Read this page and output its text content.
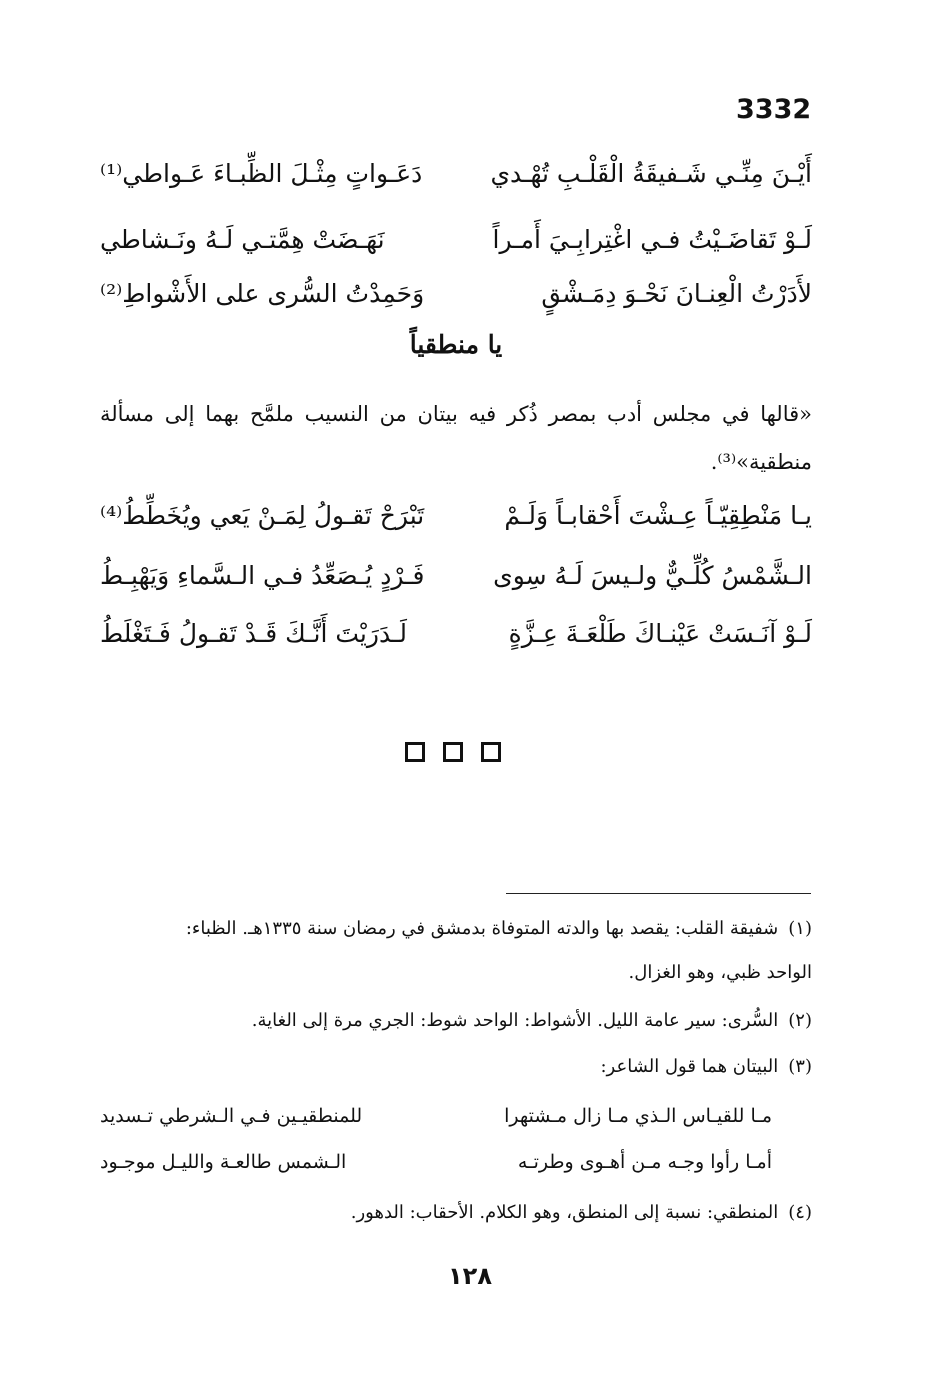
3332
أَيْـنَ مِنِّـي شَـفيقَةُ الْقَلْـبِ تُهْـدي
دَعَـواتٍ مِثْـلَ الظِّبـاءَ عَـواطي⁽¹⁾
لَـوْ تَقاضَـيْتُ فـي اغْتِرابِـيَ أَمـراً
نَهَـضَتْ هِمَّتـي لَـهُ ونَـشاطي
لأَدَرْتُ الْعِنـانَ نَحْـوَ دِمَـشْقٍ
وَحَمِدْتُ السُّرى على الأَشْواطِ⁽²⁾
يا منطقياً
«قالها في مجلس أدب بمصر ذُكر فيه بيتان من النسيب ملمَّح بهما إلى مسألة منطقية»⁽³⁾.
يـا مَنْطِقِيّـاً عِـشْتَ أَحْقابـاً وَلَـمْ
تَبْرَحْ تَقـولُ لِمَـنْ يَعي ويُخَطِّطُ⁽⁴⁾
الـشَّمْسُ كُلِّـيٌّ ولـيسَ لَـهُ سِوى
فَـرْدٍ يُـصَعِّدُ فـي الـسَّماءِ وَيَهْبِـطُ
لَـوْ آنَـسَتْ عَيْنـاكَ طَلْعَـةَ عِـزَّةٍ
لَـدَرَيْتَ أَنَّـكَ قَـدْ تَقـولُ فَـتَغْلَطُ
(١)شفيقة القلب: يقصد بها والدته المتوفاة بدمشق في رمضان سنة ١٣٣٥هـ. الظباء:
الواحد ظبي، وهو الغزال.
(٢)السُّرى: سير عامة الليل. الأشواط: الواحد شوط: الجري مرة إلى الغاية.
(٣)البيتان هما قول الشاعر:
مـا للقيـاس الـذي مـا زال مـشتهرا
للمنطقيـين فـي الـشرطي تـسديد
أمـا رأوا وجـه مـن أهـوى وطرتـه
الـشمس طالعـة والليـل موجـود
(٤)المنطقي: نسبة إلى المنطق، وهو الكلام. الأحقاب: الدهور.
١٢٨
